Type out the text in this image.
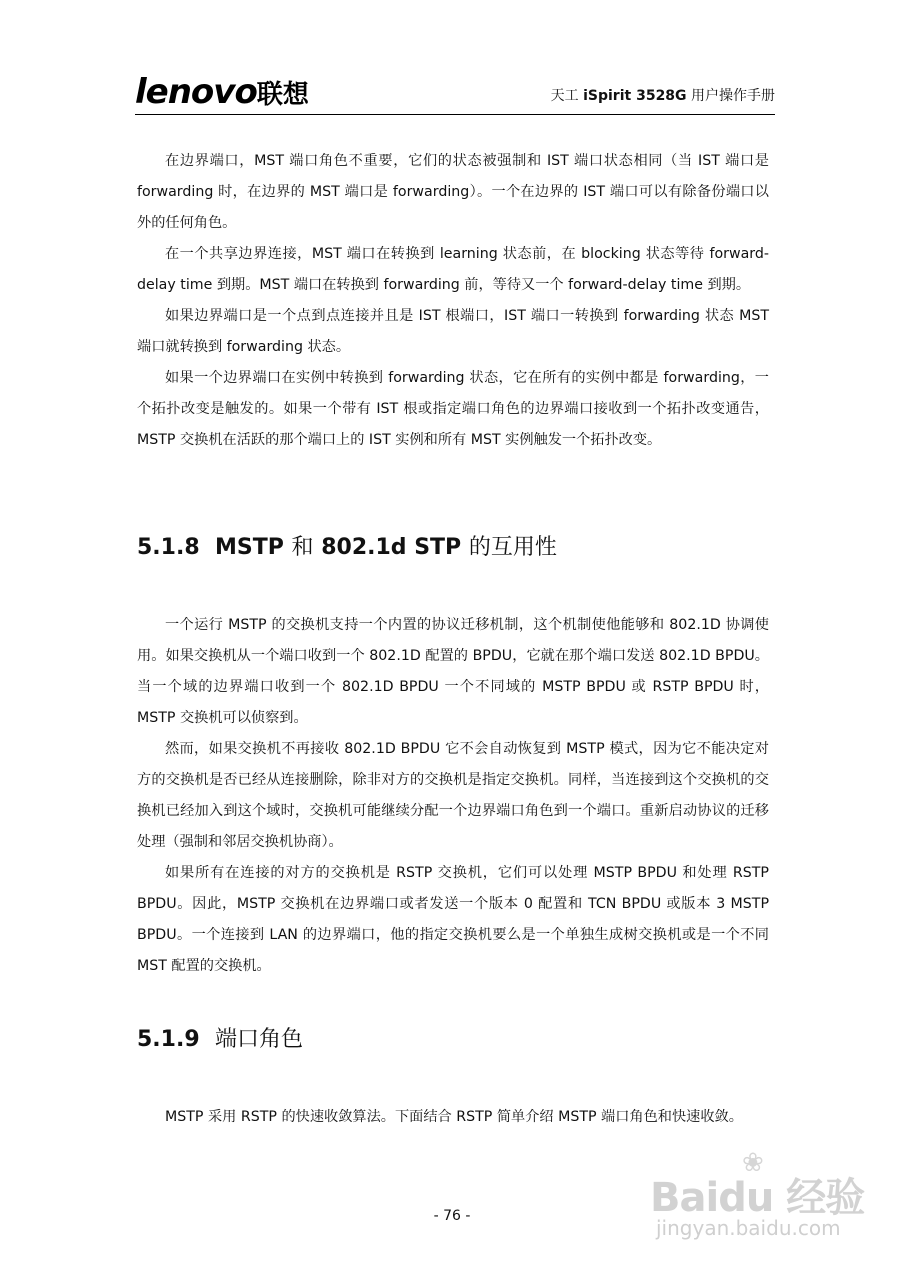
lenovo联想	天工 iSpirit 3528G 用户操作手册

在边界端口，MST 端口角色不重要，它们的状态被强制和 IST 端口状态相同（当 IST 端口是 forwarding 时，在边界的 MST 端口是 forwarding）。一个在边界的 IST 端口可以有除备份端口以外的任何角色。

在一个共享边界连接，MST 端口在转换到 learning 状态前，在 blocking 状态等待 forward-delay time 到期。MST 端口在转换到 forwarding 前，等待又一个 forward-delay time 到期。

如果边界端口是一个点到点连接并且是 IST 根端口，IST 端口一转换到 forwarding 状态 MST 端口就转换到 forwarding 状态。

如果一个边界端口在实例中转换到 forwarding 状态，它在所有的实例中都是 forwarding，一个拓扑改变是触发的。如果一个带有 IST 根或指定端口角色的边界端口接收到一个拓扑改变通告，MSTP 交换机在活跃的那个端口上的 IST 实例和所有 MST 实例触发一个拓扑改变。

5.1.8 MSTP 和 802.1d STP 的互用性

一个运行 MSTP 的交换机支持一个内置的协议迁移机制，这个机制使他能够和 802.1D 协调使用。如果交换机从一个端口收到一个 802.1D 配置的 BPDU，它就在那个端口发送 802.1D BPDU。当一个域的边界端口收到一个 802.1D BPDU 一个不同域的 MSTP BPDU 或 RSTP BPDU 时，MSTP 交换机可以侦察到。

然而，如果交换机不再接收 802.1D BPDU 它不会自动恢复到 MSTP 模式，因为它不能决定对方的交换机是否已经从连接删除，除非对方的交换机是指定交换机。同样，当连接到这个交换机的交换机已经加入到这个域时，交换机可能继续分配一个边界端口角色到一个端口。重新启动协议的迁移处理（强制和邻居交换机协商）。

如果所有在连接的对方的交换机是 RSTP 交换机，它们可以处理 MSTP BPDU 和处理 RSTP BPDU。因此，MSTP 交换机在边界端口或者发送一个版本 0 配置和 TCN BPDU 或版本 3 MSTP BPDU。一个连接到 LAN 的边界端口，他的指定交换机要么是一个单独生成树交换机或是一个不同 MST 配置的交换机。

5.1.9 端口角色

MSTP 采用 RSTP 的快速收敛算法。下面结合 RSTP 简单介绍 MSTP 端口角色和快速收敛。

- 76 -
❀
Baidu 经验
jingyan.baidu.com
